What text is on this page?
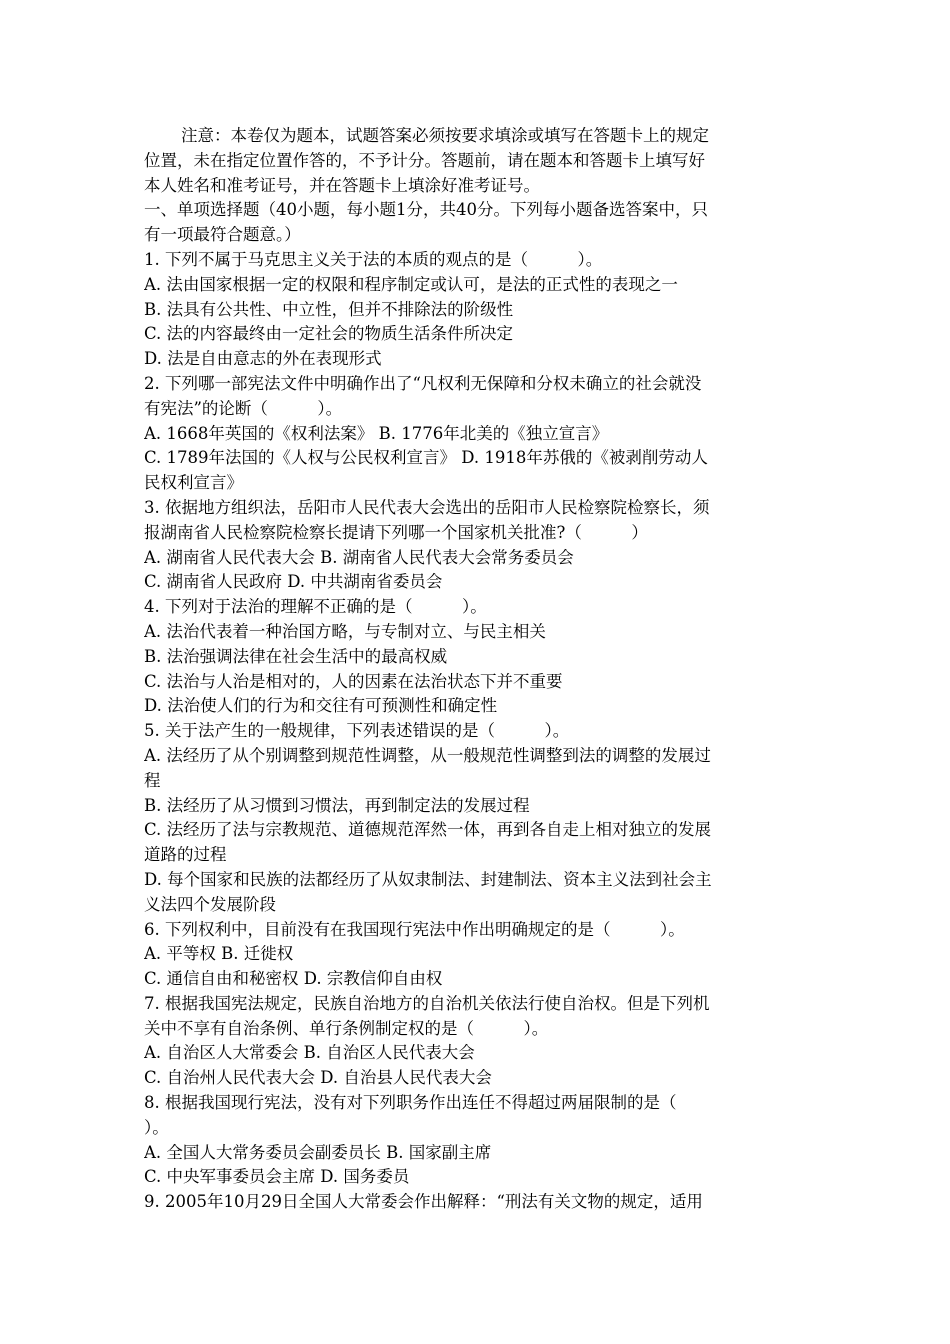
注意：本卷仅为题本，试题答案必须按要求填涂或填写在答题卡上的规定
位置，未在指定位置作答的，不予计分。答题前，请在题本和答题卡上填写好
本人姓名和准考证号，并在答题卡上填涂好准考证号。
一、单项选择题（40小题，每小题1分，共40分。下列每小题备选答案中，只
有一项最符合题意。）
1. 下列不属于马克思主义关于法的本质的观点的是（　　　）。
A. 法由国家根据一定的权限和程序制定或认可，是法的正式性的表现之一
B. 法具有公共性、中立性，但并不排除法的阶级性
C. 法的内容最终由一定社会的物质生活条件所决定
D. 法是自由意志的外在表现形式
2. 下列哪一部宪法文件中明确作出了“凡权利无保障和分权未确立的社会就没
有宪法”的论断（　　　）。
A. 1668年英国的《权利法案》 B. 1776年北美的《独立宣言》
C. 1789年法国的《人权与公民权利宣言》 D. 1918年苏俄的《被剥削劳动人
民权利宣言》
3. 依据地方组织法，岳阳市人民代表大会选出的岳阳市人民检察院检察长，须
报湖南省人民检察院检察长提请下列哪一个国家机关批准?（　　　）
A. 湖南省人民代表大会 B. 湖南省人民代表大会常务委员会
C. 湖南省人民政府 D. 中共湖南省委员会
4. 下列对于法治的理解不正确的是（　　　）。
A. 法治代表着一种治国方略，与专制对立、与民主相关
B. 法治强调法律在社会生活中的最高权威
C. 法治与人治是相对的，人的因素在法治状态下并不重要
D. 法治使人们的行为和交往有可预测性和确定性
5. 关于法产生的一般规律，下列表述错误的是（　　　）。
A. 法经历了从个别调整到规范性调整，从一般规范性调整到法的调整的发展过
程
B. 法经历了从习惯到习惯法，再到制定法的发展过程
C. 法经历了法与宗教规范、道德规范浑然一体，再到各自走上相对独立的发展
道路的过程
D. 每个国家和民族的法都经历了从奴隶制法、封建制法、资本主义法到社会主
义法四个发展阶段
6. 下列权利中，目前没有在我国现行宪法中作出明确规定的是（　　　）。
A. 平等权 B. 迁徙权
C. 通信自由和秘密权 D. 宗教信仰自由权
7. 根据我国宪法规定，民族自治地方的自治机关依法行使自治权。但是下列机
关中不享有自治条例、单行条例制定权的是（　　　）。
A. 自治区人大常委会 B. 自治区人民代表大会
C. 自治州人民代表大会 D. 自治县人民代表大会
8. 根据我国现行宪法，没有对下列职务作出连任不得超过两届限制的是（
）。
A. 全国人大常务委员会副委员长 B. 国家副主席
C. 中央军事委员会主席 D. 国务委员
9. 2005年10月29日全国人大常委会作出解释：“刑法有关文物的规定，适用
